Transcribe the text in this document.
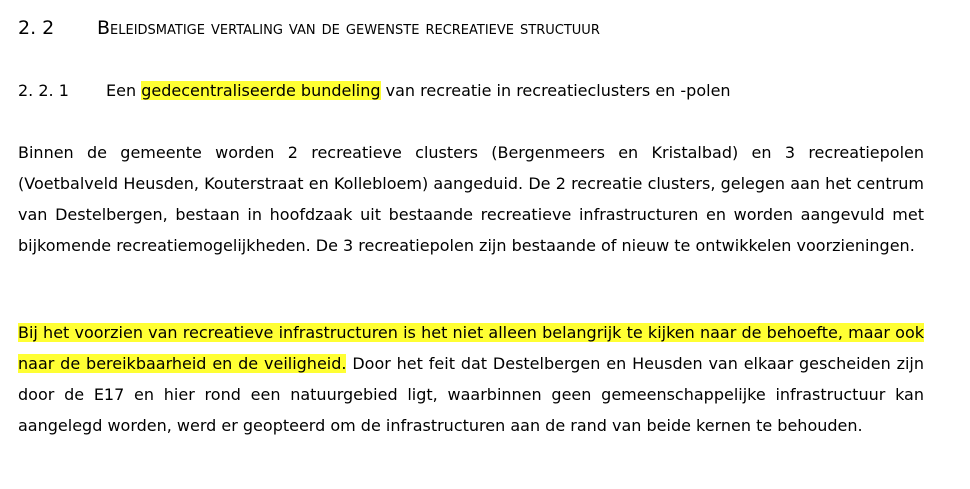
2. 2 Beleidsmatige vertaling van de gewenste recreatieve structuur
2. 2. 1 Een gedecentraliseerde bundeling van recreatie in recreatieclusters en -polen

Binnen de gemeente worden 2 recreatieve clusters (Bergenmeers en Kristalbad) en 3 recreatiepolen (Voetbalveld Heusden, Kouterstraat en Kollebloem) aangeduid. De 2 recreatie clusters, gelegen aan het centrum van Destelbergen, bestaan in hoofdzaak uit bestaande recreatieve infrastructuren en worden aangevuld met bijkomende recreatiemogelijkheden. De 3 recreatiepolen zijn bestaande of nieuw te ontwikkelen voorzieningen.

Bij het voorzien van recreatieve infrastructuren is het niet alleen belangrijk te kijken naar de behoefte, maar ook naar de bereikbaarheid en de veiligheid. Door het feit dat Destelbergen en Heusden van elkaar gescheiden zijn door de E17 en hier rond een natuurgebied ligt, waarbinnen geen gemeenschappelijke infrastructuur kan aangelegd worden, werd er geopteerd om de infrastructuren aan de rand van beide kernen te behouden.
